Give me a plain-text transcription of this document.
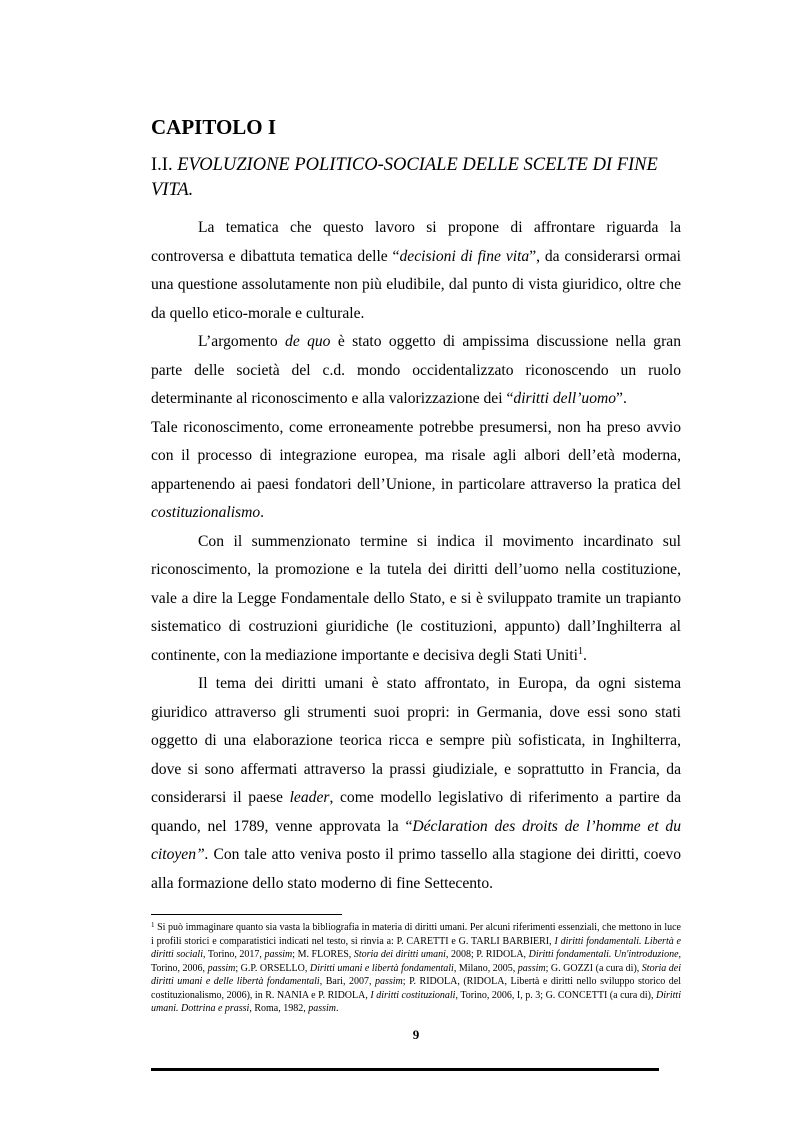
CAPITOLO I
I.I. EVOLUZIONE POLITICO-SOCIALE DELLE SCELTE DI FINE VITA.

La tematica che questo lavoro si propone di affrontare riguarda la controversa e dibattuta tematica delle “decisioni di fine vita”, da considerarsi ormai una questione assolutamente non più eludibile, dal punto di vista giuridico, oltre che da quello etico-morale e culturale.

L’argomento de quo è stato oggetto di ampissima discussione nella gran parte delle società del c.d. mondo occidentalizzato riconoscendo un ruolo determinante al riconoscimento e alla valorizzazione dei “diritti dell’uomo”.

Tale riconoscimento, come erroneamente potrebbe presumersi, non ha preso avvio con il processo di integrazione europea, ma risale agli albori dell’età moderna, appartenendo ai paesi fondatori dell’Unione, in particolare attraverso la pratica del costituzionalismo.

Con il summenzionato termine si indica il movimento incardinato sul riconoscimento, la promozione e la tutela dei diritti dell’uomo nella costituzione, vale a dire la Legge Fondamentale dello Stato, e si è sviluppato tramite un trapianto sistematico di costruzioni giuridiche (le costituzioni, appunto) dall’Inghilterra al continente, con la mediazione importante e decisiva degli Stati Uniti$^1$.

Il tema dei diritti umani è stato affrontato, in Europa, da ogni sistema giuridico attraverso gli strumenti suoi propri: in Germania, dove essi sono stati oggetto di una elaborazione teorica ricca e sempre più sofisticata, in Inghilterra, dove si sono affermati attraverso la prassi giudiziale, e soprattutto in Francia, da considerarsi il paese leader, come modello legislativo di riferimento a partire da quando, nel 1789, venne approvata la “Déclaration des droits de l’homme et du citoyen”. Con tale atto veniva posto il primo tassello alla stagione dei diritti, coevo alla formazione dello stato moderno di fine Settecento.

$^1$ Si può immaginare quanto sia vasta la bibliografia in materia di diritti umani. Per alcuni riferimenti essenziali, che mettono in luce i profili storici e comparatistici indicati nel testo, si rinvia a: P. CARETTI e G. TARLI BARBIERI, I diritti fondamentali. Libertà e diritti sociali, Torino, 2017, passim; M. FLORES, Storia dei diritti umani, 2008; P. RIDOLA, Diritti fondamentali. Un'introduzione, Torino, 2006, passim; G.P. ORSELLO, Diritti umani e libertà fondamentali, Milano, 2005, passim; G. GOZZI (a cura di), Storia dei diritti umani e delle libertà fondamentali, Bari, 2007, passim; P. RIDOLA, (RIDOLA, Libertà e diritti nello sviluppo storico del costituzionalismo, 2006), in R. NANIA e P. RIDOLA, I diritti costituzionali, Torino, 2006, I, p. 3; G. CONCETTI (a cura di), Diritti umani. Dottrina e prassi, Roma, 1982, passim.
9
